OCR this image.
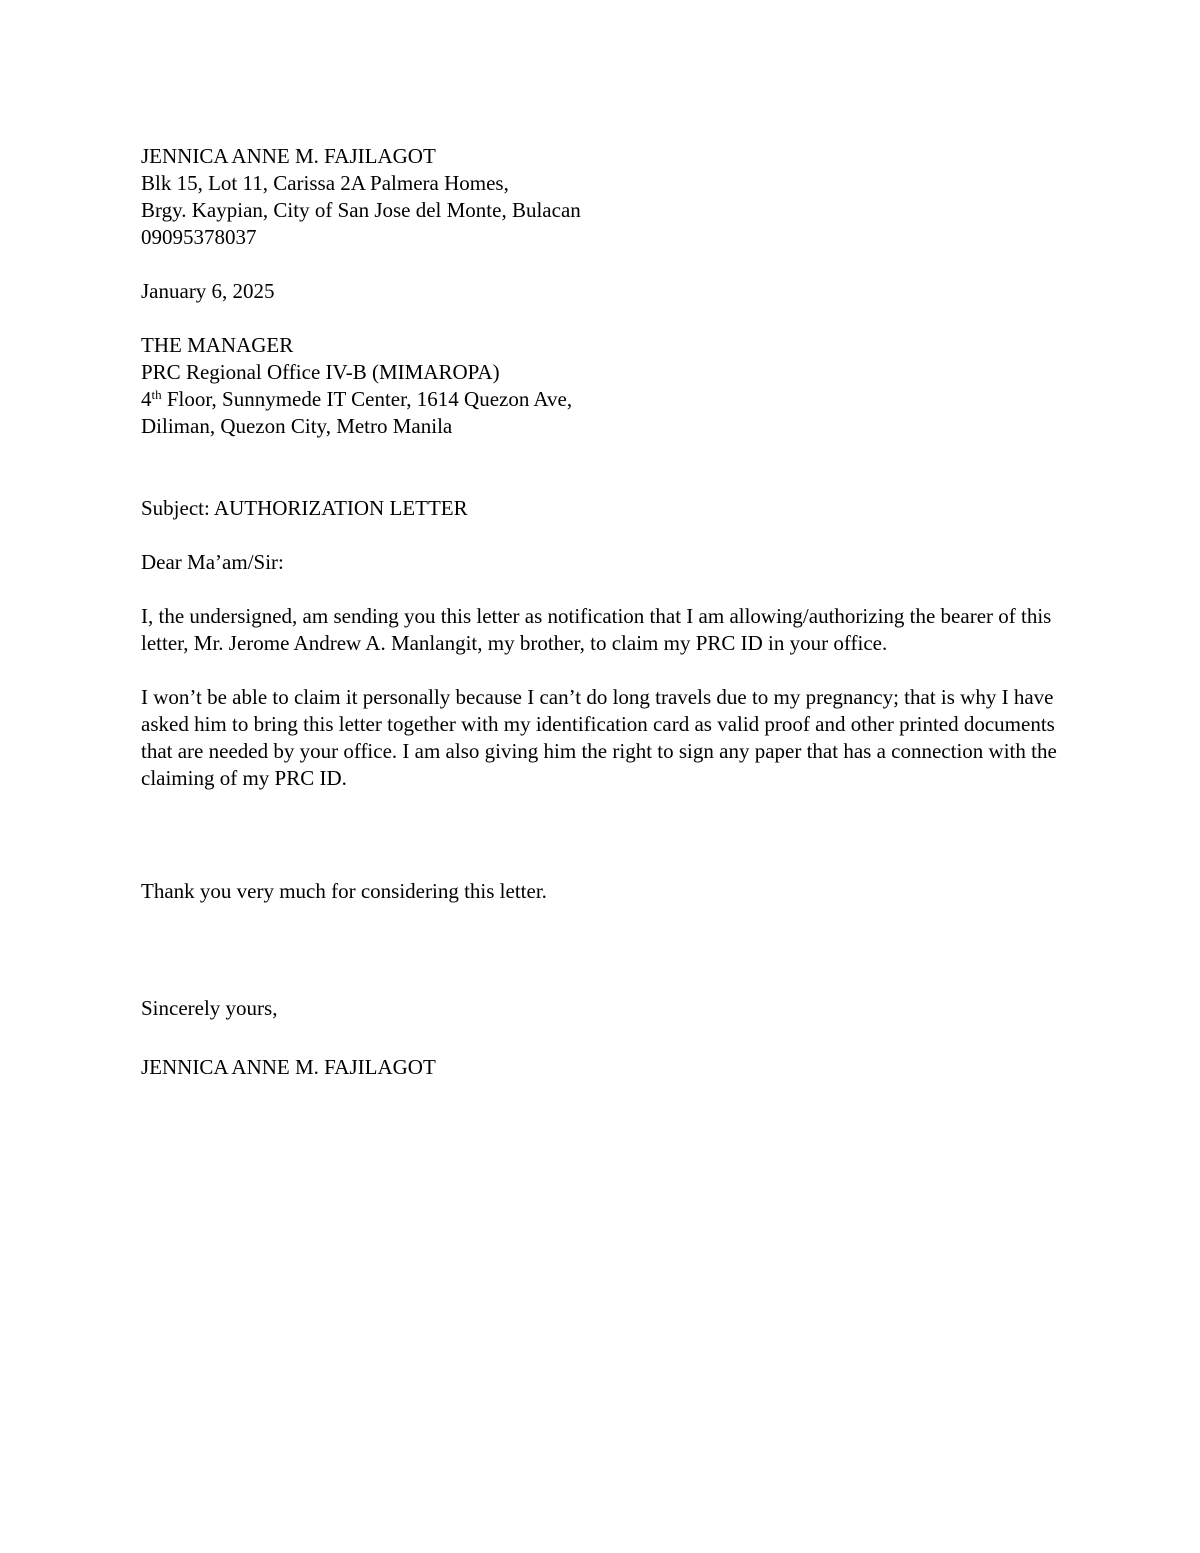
JENNICA ANNE M. FAJILAGOT
Blk 15, Lot 11, Carissa 2A Palmera Homes,
Brgy. Kaypian, City of San Jose del Monte, Bulacan
09095378037
January 6, 2025
THE MANAGER
PRC Regional Office IV-B (MIMAROPA)
4th Floor, Sunnymede IT Center, 1614 Quezon Ave,
Diliman, Quezon City, Metro Manila
Subject: AUTHORIZATION LETTER
Dear Ma’am/Sir:
I, the undersigned, am sending you this letter as notification that I am allowing/authorizing the bearer of this letter, Mr. Jerome Andrew A. Manlangit, my brother, to claim my PRC ID in your office.
I won’t be able to claim it personally because I can’t do long travels due to my pregnancy; that is why I have asked him to bring this letter together with my identification card as valid proof and other printed documents that are needed by your office. I am also giving him the right to sign any paper that has a connection with the claiming of my PRC ID.
Thank you very much for considering this letter.
Sincerely yours,
JENNICA ANNE M. FAJILAGOT
